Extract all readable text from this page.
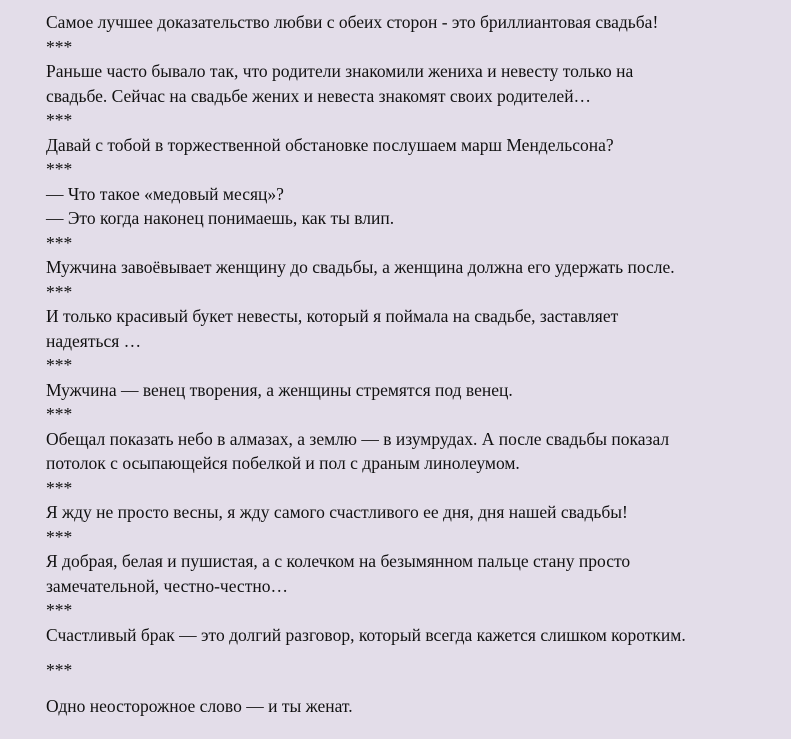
Самое лучшее доказательство любви с обеих сторон - это бриллиантовая свадьба!

***

Раньше часто бывало так, что родители знакомили жениха и невесту только на

свадьбе. Сейчас на свадьбе жених и невеста знакомят своих родителей…

***

Давай с тобой в торжественной обстановке послушаем марш Мендельсона?

***

— Что такое «медовый месяц»?

— Это когда наконец понимаешь, как ты влип.

***

Мужчина завоёвывает женщину до свадьбы, а женщина должна его удержать после.

***

И только красивый букет невесты, который я поймала на свадьбе, заставляет

надеяться …

***

Мужчина — венец творения, а женщины стремятся под венец.

***

Обещал показать небо в алмазах, а землю — в изумрудах. А после свадьбы показал

потолок с осыпающейся побелкой и пол с драным линолеумом.

***

Я жду не просто весны, я жду самого счастливого ее дня, дня нашей свадьбы!

***

Я добрая, белая и пушистая, а с колечком на безымянном пальце стану просто

замечательной, честно-честно…

***

Счастливый брак — это долгий разговор, который всегда кажется слишком коротким.

***

Одно неосторожное слово — и ты женат.
